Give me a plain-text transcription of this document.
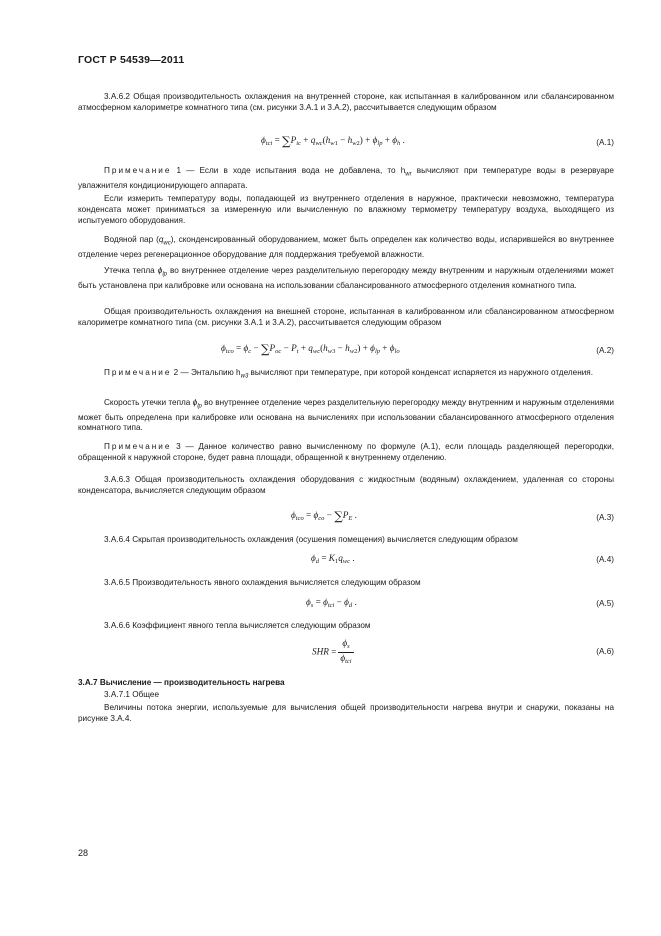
ГОСТ Р 54539—2011

3.А.6.2 Общая производительность охлаждения на внутренней стороне, как испытанная в калиброванном или сбалансированном атмосферном калориметре комнатного типа (см. рисунки 3.А.1 и 3.А.2), рассчитывается следующим образом

$\phi_{tci} = \sum P_{ic} + q_{wc}(h_{w1} - h_{w2}) + \phi_{lp} + \phi_h$ .	(А.1)

Примечание 1 — Если в ходе испытания вода не добавлена, то $h_{wr}$ вычисляют при температуре воды в резервуаре увлажнителя кондиционирующего аппарата.

Если измерить температуру воды, попадающей из внутреннего отделения в наружное, практически невозможно, температура конденсата может приниматься за измеренную или вычисленную по влажному термометру температуру воздуха, выходящего из испытуемого оборудования.

Водяной пар $(q_{wc})$, сконденсированный оборудованием, может быть определен как количество воды, испарившейся во внутреннее отделение через регенерационное оборудование для поддержания требуемой влажности.

Утечка тепла $\phi_{lp}$ во внутреннее отделение через разделительную перегородку между внутренним и наружным отделениями может быть установлена при калибровке или основана на использовании сбалансированного атмосферного отделения комнатного типа.

Общая производительность охлаждения на внешней стороне, испытанная в калиброванном или сбалансированном атмосферном калориметре комнатного типа (см. рисунки 3.А.1 и 3.А.2), рассчитывается следующим образом

$\phi_{tco} = \phi_c - \sum P_{oc} - P_t + q_{wc}(h_{w3} - h_{w2}) + \phi_{lp} + \phi_{lo}$	(А.2)

Примечание 2 — Энтальпию $h_{w3}$ вычисляют при температуре, при которой конденсат испаряется из наружного отделения.

Скорость утечки тепла $\phi_{lp}$ во внутреннее отделение через разделительную перегородку между внутренним и наружным отделениями может быть определена при калибровке или основана на вычислениях при использовании сбалансированного атмосферного отделения комнатного типа.

Примечание 3 — Данное количество равно вычисленному по формуле (А.1), если площадь разделяющей перегородки, обращенной к наружной стороне, будет равна площади, обращенной к внутреннему отделению.

3.А.6.3 Общая производительность охлаждения оборудования с жидкостным (водяным) охлаждением, удаленная со стороны конденсатора, вычисляется следующим образом

$\phi_{tco} = \phi_{co} - \sum P_E$ .	(А.3)

3.А.6.4 Скрытая производительность охлаждения (осушения помещения) вычисляется следующим образом

$\phi_d = K_1q_{wc}$ .	(А.4)

3.А.6.5 Производительность явного охлаждения вычисляется следующим образом

$\phi_s = \phi_{tci} - \phi_d$ .	(А.5)

3.А.6.6 Коэффициент явного тепла вычисляется следующим образом

SHR = $\frac{\phi_s}{\phi_{tci}}$	(А.6)
3.А.7 Вычисление — производительность нагрева
3.А.7.1 Общее

Величины потока энергии, используемые для вычисления общей производительности нагрева внутри и снаружи, показаны на рисунке 3.А.4.

28
